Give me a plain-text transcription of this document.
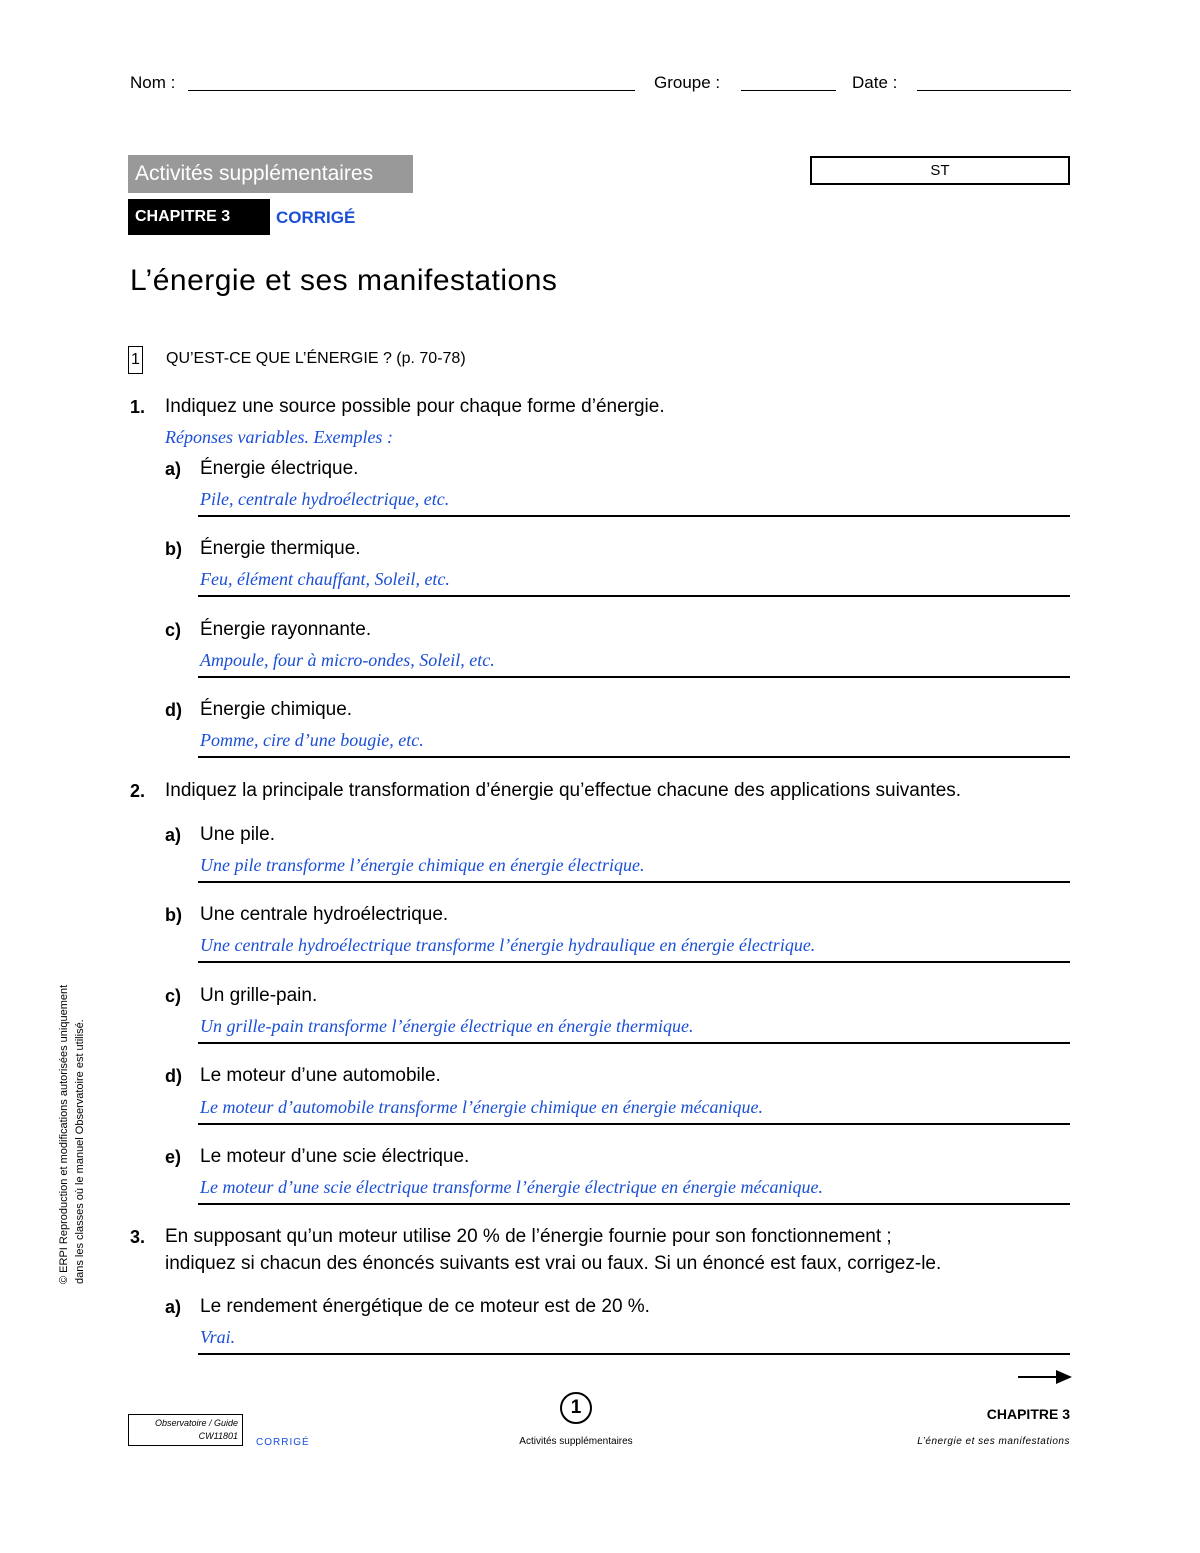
Nom :	Groupe :	Date :
Activités supplémentaires	ST
CHAPITRE 3	CORRIGÉ
L’énergie et ses manifestations
1 QU’EST-CE QUE L’ÉNERGIE ? (p. 70-78)
1. Indiquez une source possible pour chaque forme d’énergie.
Réponses variables. Exemples :
a) Énergie électrique.
Pile, centrale hydroélectrique, etc.
b) Énergie thermique.
Feu, élément chauffant, Soleil, etc.
c) Énergie rayonnante.
Ampoule, four à micro-ondes, Soleil, etc.
d) Énergie chimique.
Pomme, cire d’une bougie, etc.
2. Indiquez la principale transformation d’énergie qu’effectue chacune des applications suivantes.
a) Une pile.
Une pile transforme l’énergie chimique en énergie électrique.
b) Une centrale hydroélectrique.
Une centrale hydroélectrique transforme l’énergie hydraulique en énergie électrique.
c) Un grille-pain.
Un grille-pain transforme l’énergie électrique en énergie thermique.
d) Le moteur d’une automobile.
Le moteur d’automobile transforme l’énergie chimique en énergie mécanique.
e) Le moteur d’une scie électrique.
Le moteur d’une scie électrique transforme l’énergie électrique en énergie mécanique.
3. En supposant qu’un moteur utilise 20 % de l’énergie fournie pour son fonctionnement ;
indiquez si chacun des énoncés suivants est vrai ou faux. Si un énoncé est faux, corrigez-le.
a) Le rendement énergétique de ce moteur est de 20 %.
Vrai.
© ERPI Reproduction et modifications autorisées uniquement dans les classes où le manuel Observatoire est utilisé.
Observatoire / Guide
CW11801
CORRIGÉ
1
Activités supplémentaires
CHAPITRE 3
L’énergie et ses manifestations
